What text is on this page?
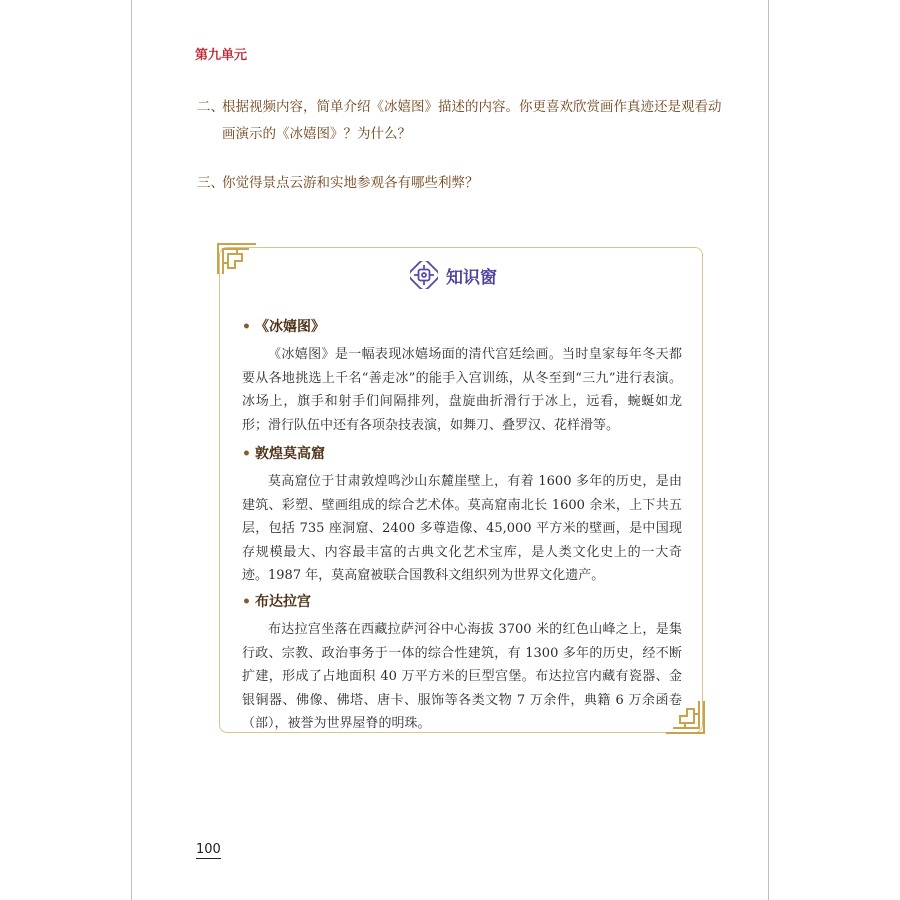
第九单元
二、
根据视频内容，简单介绍《冰嬉图》描述的内容。你更喜欢欣赏画作真迹还是观看动画演示的《冰嬉图》？为什么？
三、
你觉得景点云游和实地参观各有哪些利弊？
知识窗
• 《冰嬉图》
《冰嬉图》是一幅表现冰嬉场面的清代宫廷绘画。当时皇家每年冬天都要从各地挑选上千名“善走冰”的能手入宫训练，从冬至到“三九”进行表演。冰场上，旗手和射手们间隔排列，盘旋曲折滑行于冰上，远看，蜿蜒如龙形；滑行队伍中还有各项杂技表演，如舞刀、叠罗汉、花样滑等。
• 敦煌莫高窟
莫高窟位于甘肃敦煌鸣沙山东麓崖壁上，有着 1600 多年的历史，是由建筑、彩塑、壁画组成的综合艺术体。莫高窟南北长 1600 余米，上下共五层，包括 735 座洞窟、2400 多尊造像、45,000 平方米的壁画，是中国现存规模最大、内容最丰富的古典文化艺术宝库，是人类文化史上的一大奇迹。1987 年，莫高窟被联合国教科文组织列为世界文化遗产。
• 布达拉宫
布达拉宫坐落在西藏拉萨河谷中心海拔 3700 米的红色山峰之上，是集行政、宗教、政治事务于一体的综合性建筑，有 1300 多年的历史，经不断扩建，形成了占地面积 40 万平方米的巨型宫堡。布达拉宫内藏有瓷器、金银铜器、佛像、佛塔、唐卡、服饰等各类文物 7 万余件，典籍 6 万余函卷（部），被誉为世界屋脊的明珠。
100
